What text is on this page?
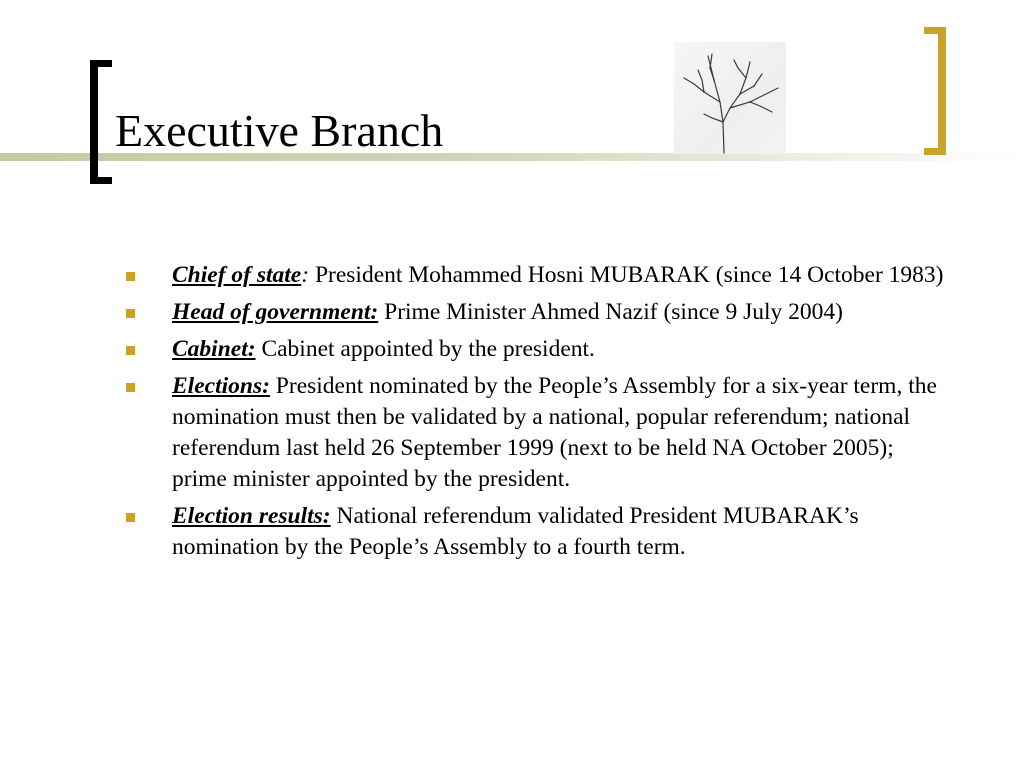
Executive Branch
Chief of state: President Mohammed Hosni MUBARAK (since 14 October 1983)
Head of government: Prime Minister Ahmed Nazif (since 9 July 2004)
Cabinet: Cabinet appointed by the president.
Elections: President nominated by the People’s Assembly for a six-year term, the nomination must then be validated by a national, popular referendum; national referendum last held 26 September 1999 (next to be held NA October 2005); prime minister appointed by the president.
Election results: National referendum validated President MUBARAK’s nomination by the People’s Assembly to a fourth term.
